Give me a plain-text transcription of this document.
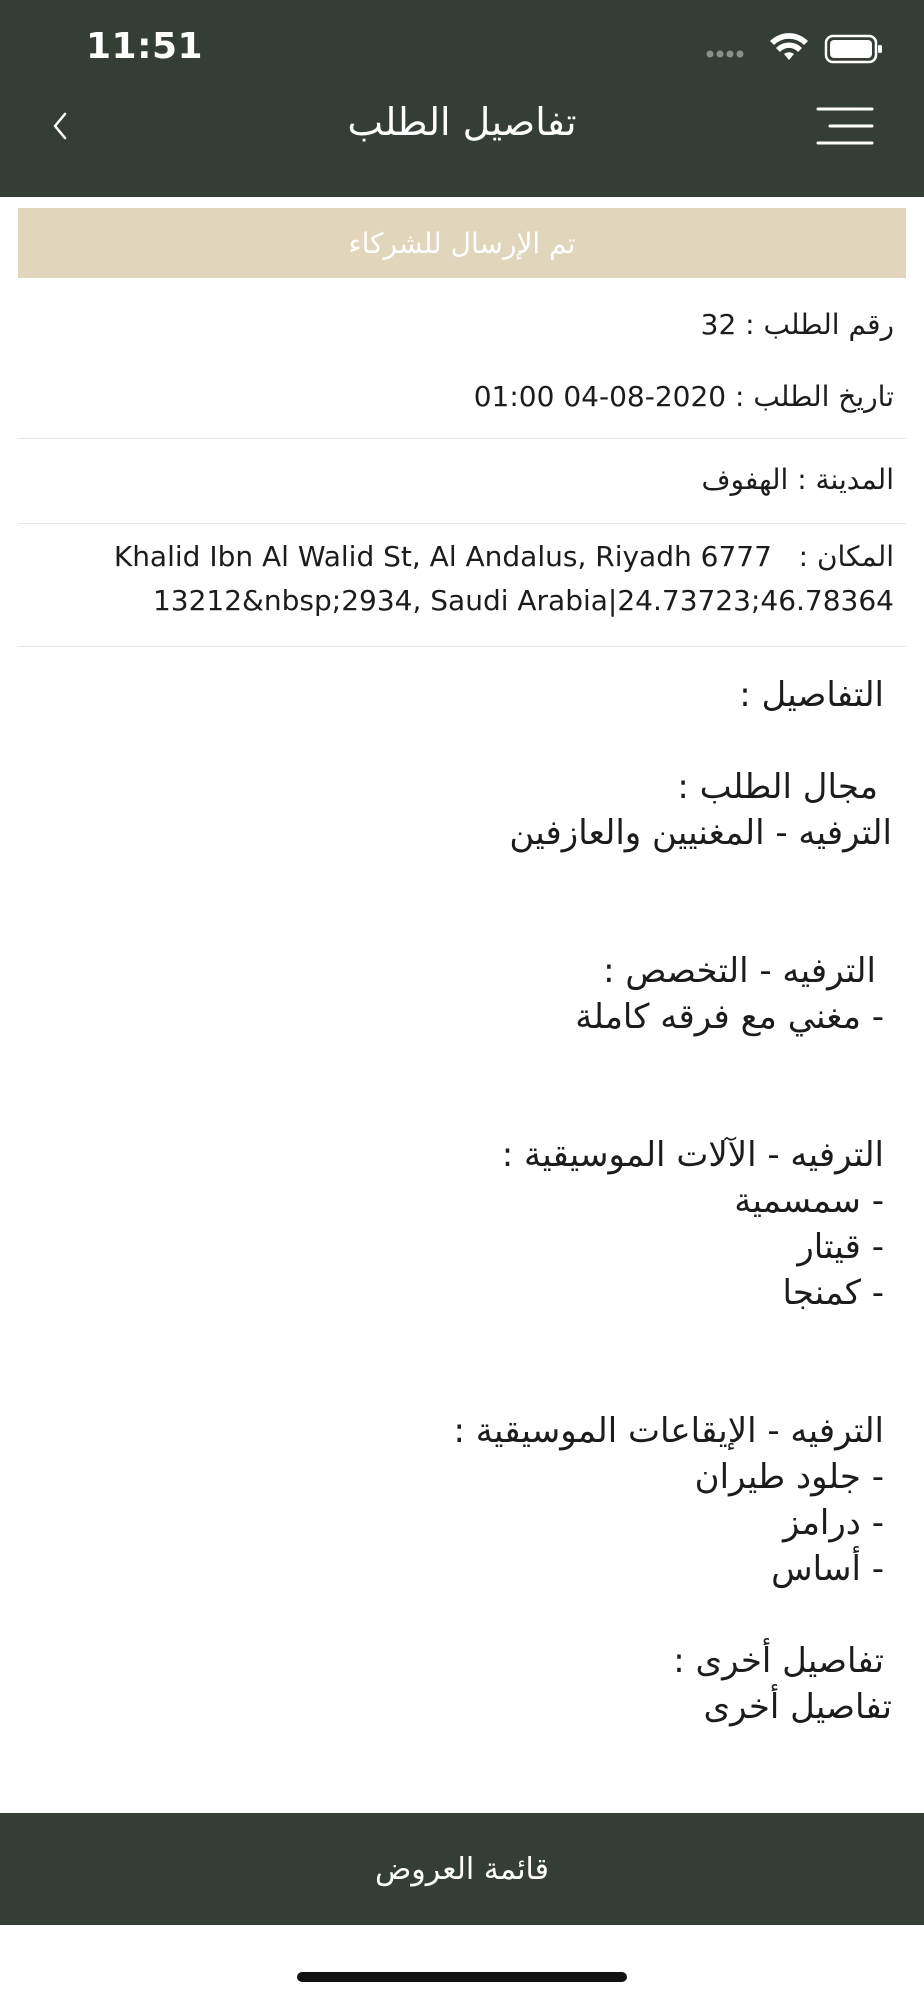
11:51
تفاصيل الطلب
تم الإرسال للشركاء
رقم الطلب : 32
تاريخ الطلب : 2020-08-04 01:00
المدينة : الهفوف
المكان :   Khalid Ibn Al Walid St, Al Andalus, Riyadh 6777
13212&nbsp;2934, Saudi Arabia|24.73723;46.78364
التفاصيل :
مجال الطلب :
الترفيه - المغنيين والعازفين
الترفيه - التخصص :
- مغني مع فرقه كاملة
الترفيه - الآلات الموسيقية :
- سمسمية
- قيتار
- كمنجا
الترفيه - الإيقاعات الموسيقية :
- جلود طيران
- درامز
- أساس
تفاصيل أخرى :
تفاصيل أخرى
قائمة العروض
